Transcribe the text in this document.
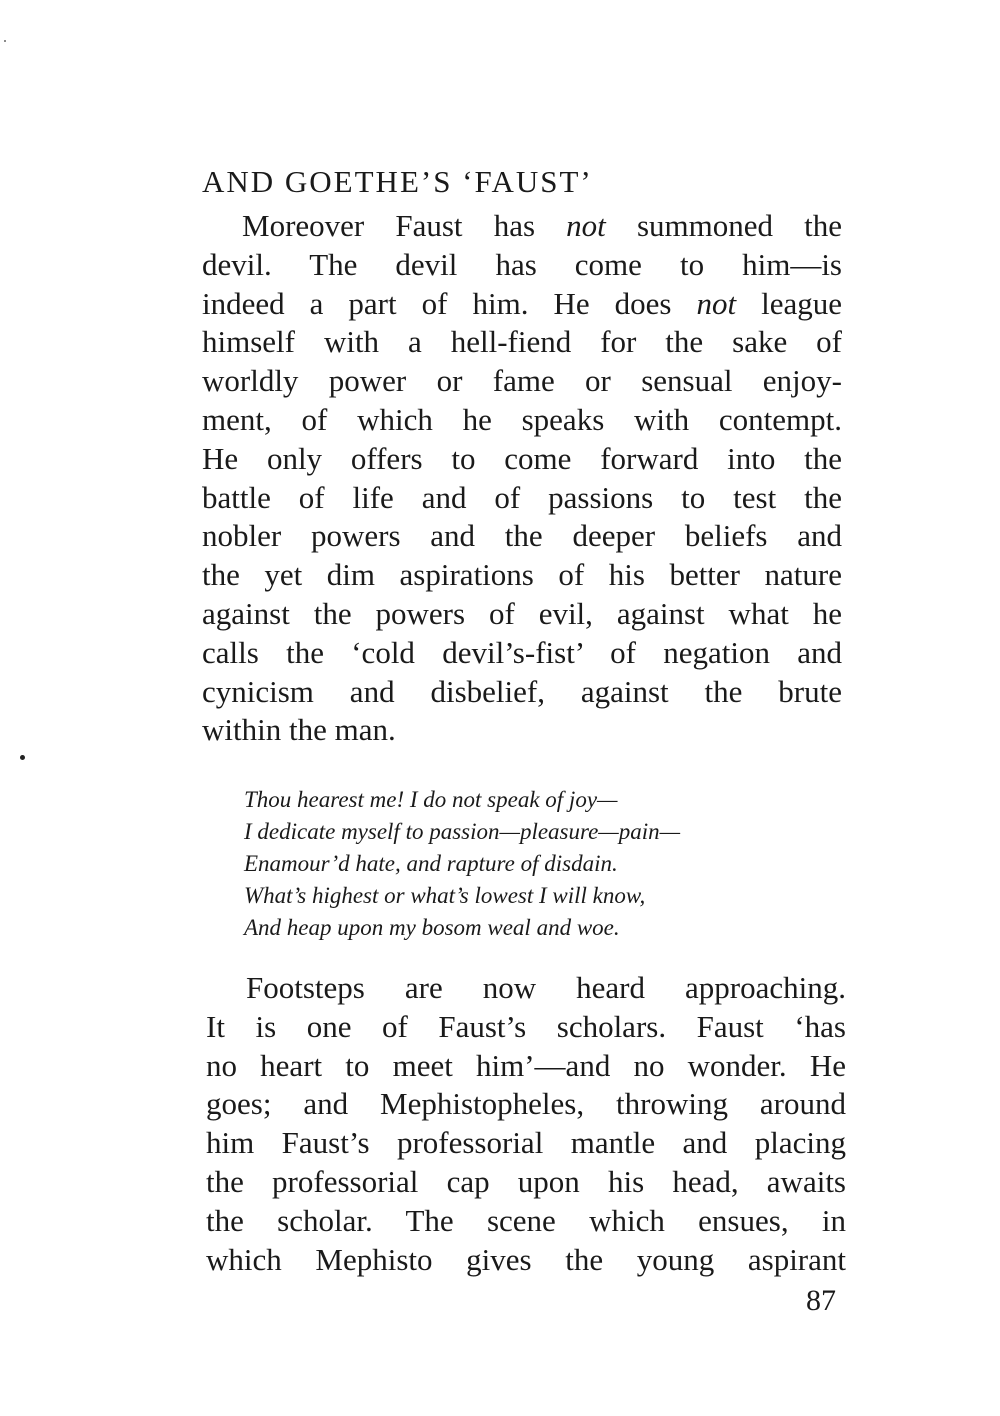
AND GOETHE’S ‘FAUST’
Moreover Faust has not summoned the
devil. The devil has come to him—is
indeed a part of him. He does not league
himself with a hell-fiend for the sake of
worldly power or fame or sensual enjoy-
ment, of which he speaks with contempt.
He only offers to come forward into the
battle of life and of passions to test the
nobler powers and the deeper beliefs and
the yet dim aspirations of his better nature
against the powers of evil, against what he
calls the ‘cold devil’s-fist’ of negation and
cynicism and disbelief, against the brute
within the man.
Thou hearest me! I do not speak of joy—
I dedicate myself to passion—pleasure—pain—
Enamour’d hate, and rapture of disdain.
What’s highest or what’s lowest I will know,
And heap upon my bosom weal and woe.
Footsteps are now heard approaching.
It is one of Faust’s scholars. Faust ‘has
no heart to meet him’—and no wonder. He
goes; and Mephistopheles, throwing around
him Faust’s professorial mantle and placing
the professorial cap upon his head, awaits
the scholar. The scene which ensues, in
which Mephisto gives the young aspirant
87
